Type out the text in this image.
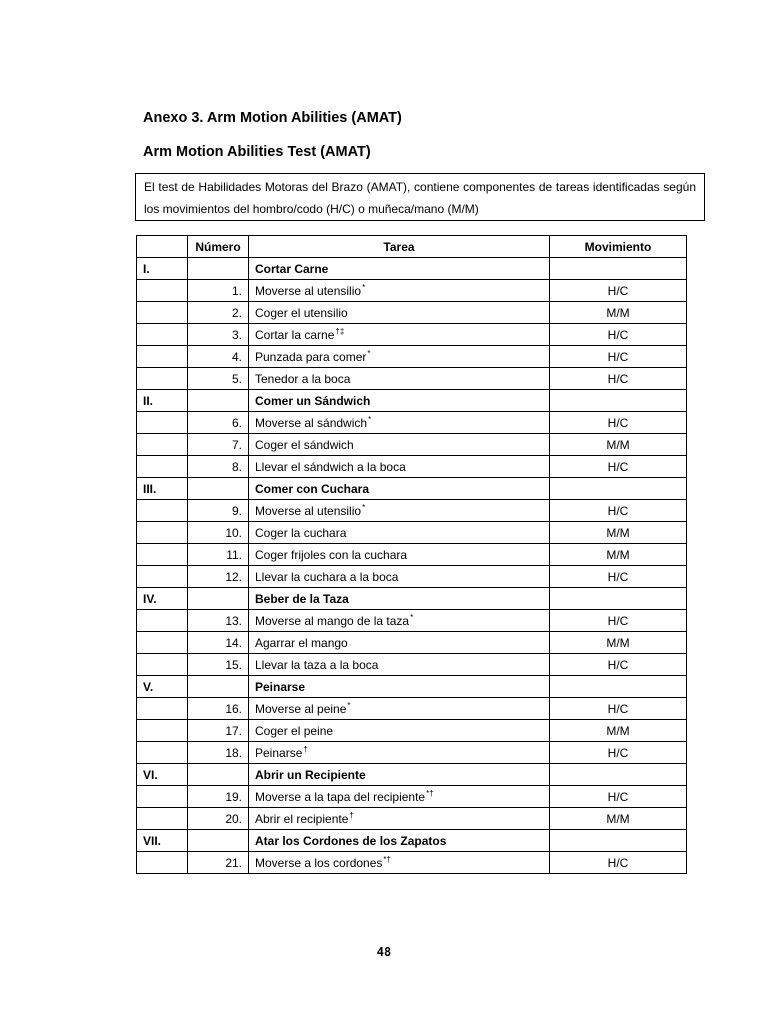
Anexo 3. Arm Motion Abilities (AMAT)
Arm Motion Abilities Test (AMAT)
El test de Habilidades Motoras del Brazo (AMAT), contiene componentes de tareas identificadas según los movimientos del hombro/codo (H/C) o muñeca/mano (M/M)
	Número	Tarea	Movimiento
I.		Cortar Carne	
	1.	Moverse al utensilio*	H/C
	2.	Coger el utensilio	M/M
	3.	Cortar la carne†‡	H/C
	4.	Punzada para comer*	H/C
	5.	Tenedor a la boca	H/C
II.		Comer un Sándwich	
	6.	Moverse al sándwich*	H/C
	7.	Coger el sándwich	M/M
	8.	Llevar el sándwich a la boca	H/C
III.		Comer con Cuchara	
	9.	Moverse al utensilio*	H/C
	10.	Coger la cuchara	M/M
	11.	Coger frijoles con la cuchara	M/M
	12.	Llevar la cuchara a la boca	H/C
IV.		Beber de la Taza	
	13.	Moverse al mango de la taza*	H/C
	14.	Agarrar el mango	M/M
	15.	Llevar la taza a la boca	H/C
V.		Peinarse	
	16.	Moverse al peine*	H/C
	17.	Coger el peine	M/M
	18.	Peinarse†	H/C
VI.		Abrir un Recipiente	
	19.	Moverse a la tapa del recipiente*†	H/C
	20.	Abrir el recipiente†	M/M
VII.		Atar los Cordones de los Zapatos	
	21.	Moverse a los cordones*†	H/C
48
